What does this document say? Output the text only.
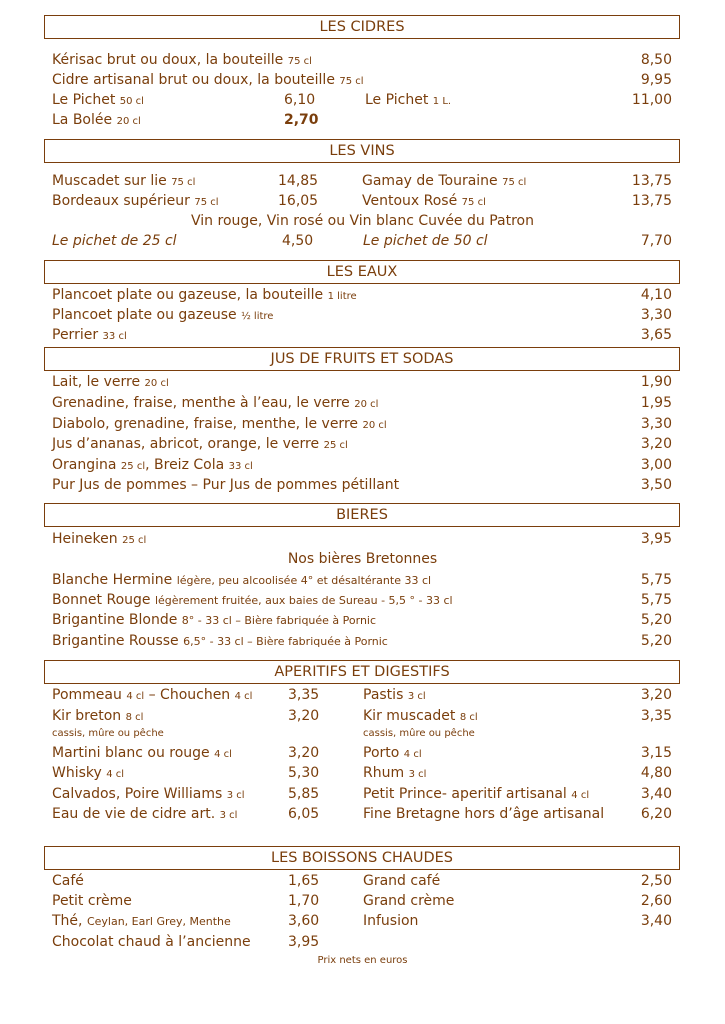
LES CIDRES
Kérisac brut ou doux, la bouteille 75 cl	8,50
Cidre artisanal brut ou doux, la bouteille 75 cl	9,95
Le Pichet 50 cl	6,10	Le Pichet 1 L.	11,00
La Bolée 20 cl	2,70
LES VINS
Muscadet sur lie 75 cl	14,85	Gamay de Touraine 75 cl	13,75
Bordeaux supérieur 75 cl	16,05	Ventoux Rosé 75 cl	13,75
Vin rouge, Vin rosé ou Vin blanc Cuvée du Patron
Le pichet de 25 cl	4,50	Le pichet de 50 cl	7,70
LES EAUX
Plancoet plate ou gazeuse, la bouteille 1 litre	4,10
Plancoet plate ou gazeuse ½ litre	3,30
Perrier 33 cl	3,65
JUS DE FRUITS ET SODAS
Lait, le verre 20 cl	1,90
Grenadine, fraise, menthe à l’eau, le verre 20 cl	1,95
Diabolo, grenadine, fraise, menthe, le verre 20 cl	3,30
Jus d’ananas, abricot, orange, le verre 25 cl	3,20
Orangina 25 cl, Breiz Cola 33 cl	3,00
Pur Jus de pommes – Pur Jus de pommes pétillant	3,50
BIERES
Heineken 25 cl	3,95
Nos bières Bretonnes
Blanche Hermine légère, peu alcoolisée 4° et désaltérante 33 cl	5,75
Bonnet Rouge légèrement fruitée, aux baies de Sureau - 5,5 ° - 33 cl	5,75
Brigantine Blonde 8° - 33 cl – Bière fabriquée à Pornic	5,20
Brigantine Rousse 6,5° - 33 cl – Bière fabriquée à Pornic	5,20
APERITIFS ET DIGESTIFS
Pommeau 4 cl – Chouchen 4 cl	3,35	Pastis 3 cl	3,20
Kir breton 8 cl	3,20	Kir muscadet 8 cl	3,35
cassis, mûre ou pêche	cassis, mûre ou pêche
Martini blanc ou rouge 4 cl	3,20	Porto 4 cl	3,15
Whisky 4 cl	5,30	Rhum 3 cl	4,80
Calvados, Poire Williams 3 cl	5,85	Petit Prince- aperitif artisanal 4 cl	3,40
Eau de vie de cidre art. 3 cl	6,05	Fine Bretagne hors d’âge artisanal	6,20
LES BOISSONS CHAUDES
Café	1,65	Grand café	2,50
Petit crème	1,70	Grand crème	2,60
Thé, Ceylan, Earl Grey, Menthe	3,60	Infusion	3,40
Chocolat chaud à l’ancienne	3,95
Prix nets en euros
